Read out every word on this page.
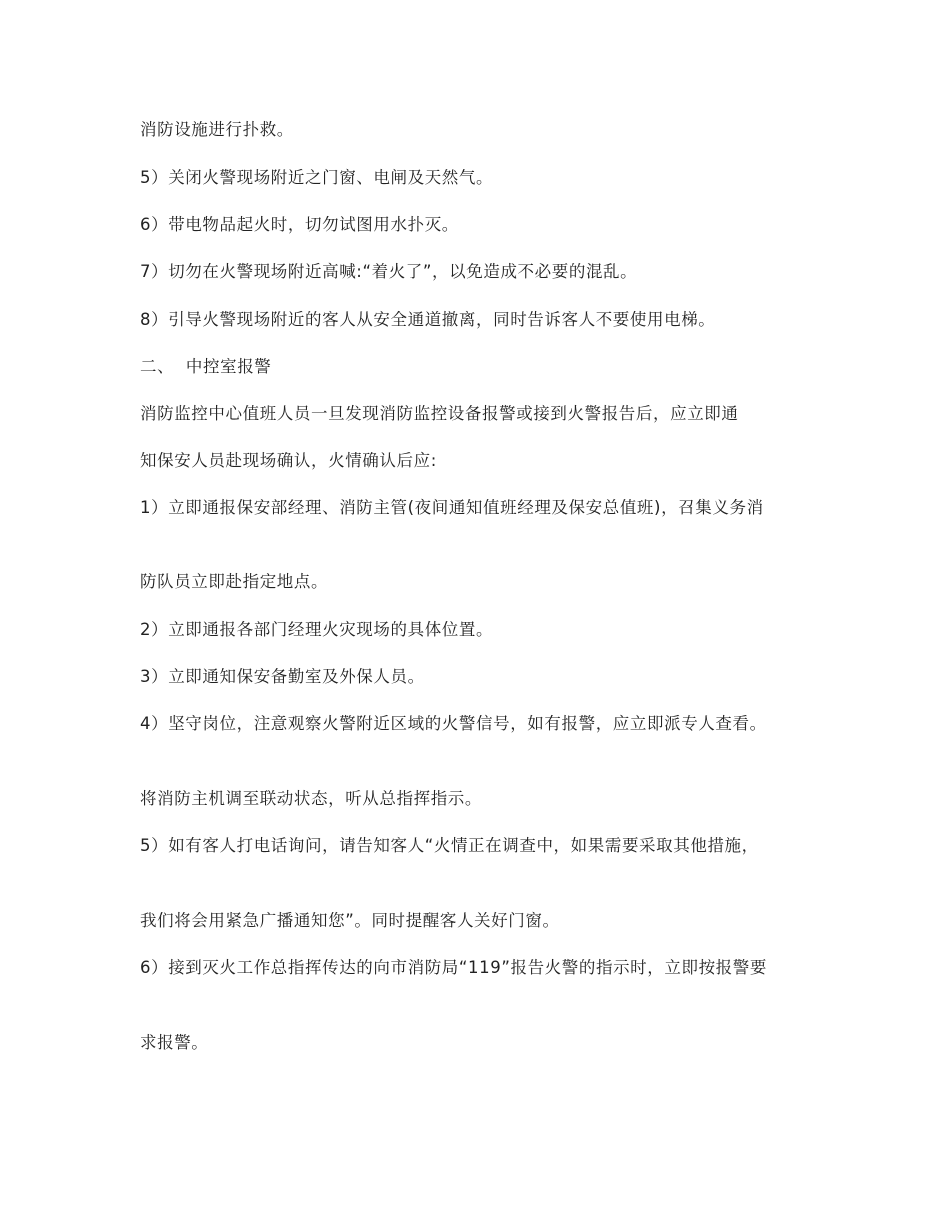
消防设施进行扑救。

5）关闭火警现场附近之门窗、电闸及天然气。

6）带电物品起火时，切勿试图用水扑灭。

7）切勿在火警现场附近高喊:“着火了”，以免造成不必要的混乱。

8）引导火警现场附近的客人从安全通道撤离，同时告诉客人不要使用电梯。

二、  中控室报警

消防监控中心值班人员一旦发现消防监控设备报警或接到火警报告后，应立即通

知保安人员赴现场确认，火情确认后应:

1）立即通报保安部经理、消防主管(夜间通知值班经理及保安总值班)，召集义务消

防队员立即赴指定地点。

2）立即通报各部门经理火灾现场的具体位置。

3）立即通知保安备勤室及外保人员。

4）坚守岗位，注意观察火警附近区域的火警信号，如有报警，应立即派专人查看。

将消防主机调至联动状态，听从总指挥指示。

5）如有客人打电话询问，请告知客人“火情正在调查中，如果需要采取其他措施，

我们将会用紧急广播通知您”。同时提醒客人关好门窗。

6）接到灭火工作总指挥传达的向市消防局“119”报告火警的指示时，立即按报警要

求报警。
